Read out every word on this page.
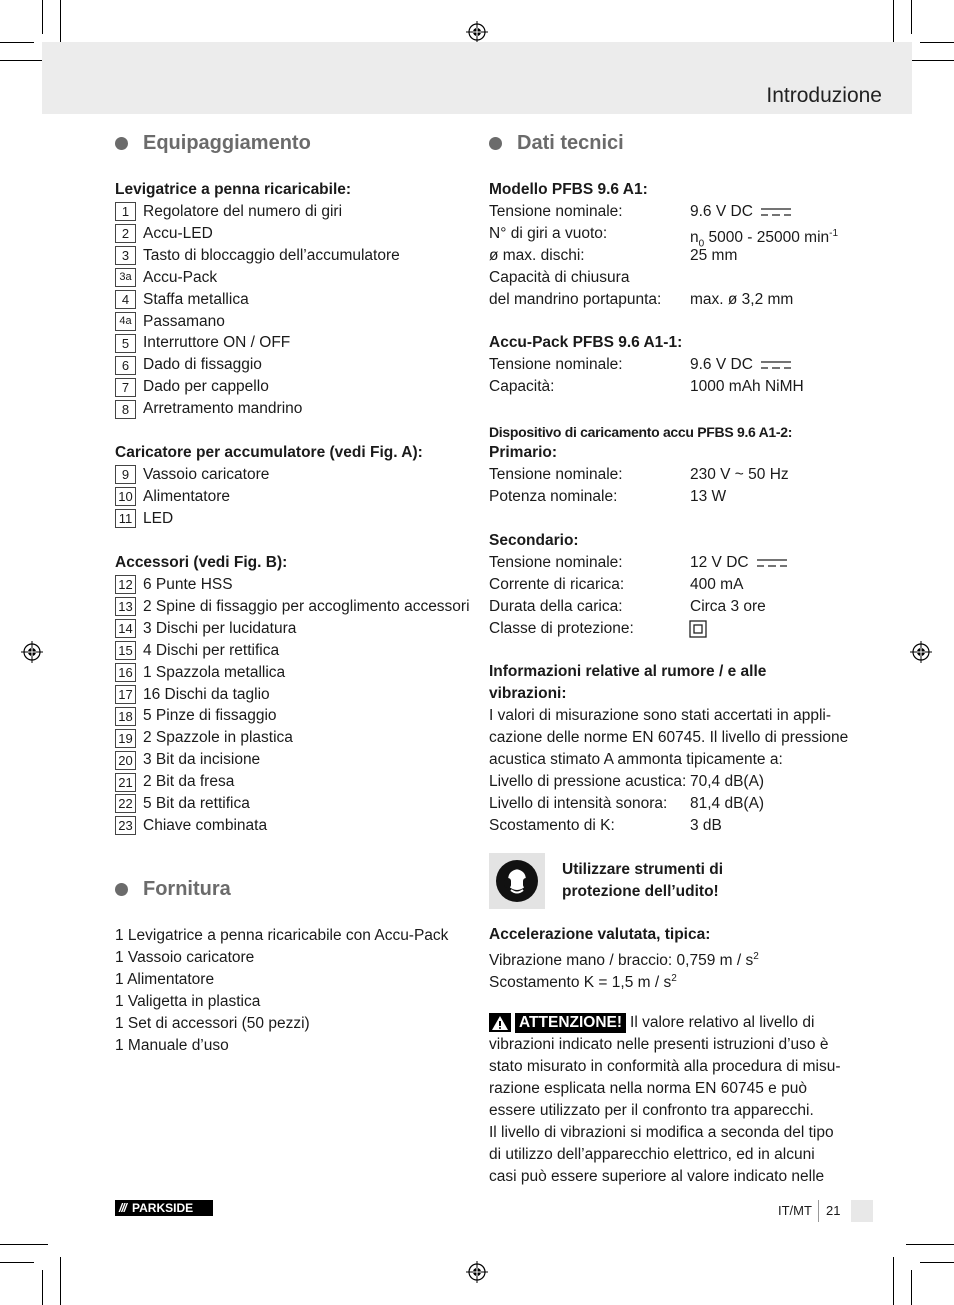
Introduzione
Equipaggiamento
Levigatrice a penna ricaricabile:
1 Regolatore del numero di giri
2 Accu-LED
3 Tasto di bloccaggio dell’accumulatore
3a Accu-Pack
4 Staffa metallica
4a Passamano
5 Interruttore ON / OFF
6 Dado di fissaggio
7 Dado per cappello
8 Arretramento mandrino
Caricatore per accumulatore (vedi Fig. A):
9 Vassoio caricatore
10 Alimentatore
11 LED
Accessori (vedi Fig. B):
12 6 Punte HSS
13 2 Spine di fissaggio per accoglimento accessori
14 3 Dischi per lucidatura
15 4 Dischi per rettifica
16 1 Spazzola metallica
17 16 Dischi da taglio
18 5 Pinze di fissaggio
19 2 Spazzole in plastica
20 3 Bit da incisione
21 2 Bit da fresa
22 5 Bit da rettifica
23 Chiave combinata
Fornitura
1 Levigatrice a penna ricaricabile con Accu-Pack
1 Vassoio caricatore
1 Alimentatore
1 Valigetta in plastica
1 Set di accessori (50 pezzi)
1 Manuale d’uso
Dati tecnici
Modello PFBS 9.6 A1:
Tensione nominale:	9.6 V DC
N° di giri a vuoto:	$n_0$ 5000 - 25000 $\min^{-1}$
ø max. dischi:	25 mm
Capacità di chiusura
del mandrino portapunta: max. ø 3,2 mm
Accu-Pack PFBS 9.6 A1-1:
Tensione nominale:	9.6 V DC
Capacità:	1000 mAh NiMH
Dispositivo di caricamento accu PFBS 9.6 A1-2:
Primario:
Tensione nominale:	230 V ~ 50 Hz
Potenza nominale:	13 W
Secondario:
Tensione nominale:	12 V DC
Corrente di ricarica:	400 mA
Durata della carica:	Circa 3 ore
Classe di protezione:
Informazioni relative al rumore / e alle
vibrazioni:
I valori di misurazione sono stati accertati in appli-
cazione delle norme EN 60745. Il livello di pressione
acustica stimato A ammonta tipicamente a:
Livello di pressione acustica: 70,4 dB(A)
Livello di intensità sonora: 81,4 dB(A)
Scostamento di K:	3 dB
Utilizzare strumenti di
protezione dell’udito!
Accelerazione valutata, tipica:
Vibrazione mano / braccio: 0,759 m / $s^2$
Scostamento K = 1,5 m / $s^2$
ATTENZIONE! Il valore relativo al livello di
vibrazioni indicato nelle presenti istruzioni d’uso è
stato misurato in conformità alla procedura di misu-
razione esplicata nella norma EN 60745 e può
essere utilizzato per il confronto tra apparecchi.
Il livello di vibrazioni si modifica a seconda del tipo
di utilizzo dell’apparecchio elettrico, ed in alcuni
casi può essere superiore al valore indicato nelle
/// PARKSIDE	IT/MT 21
